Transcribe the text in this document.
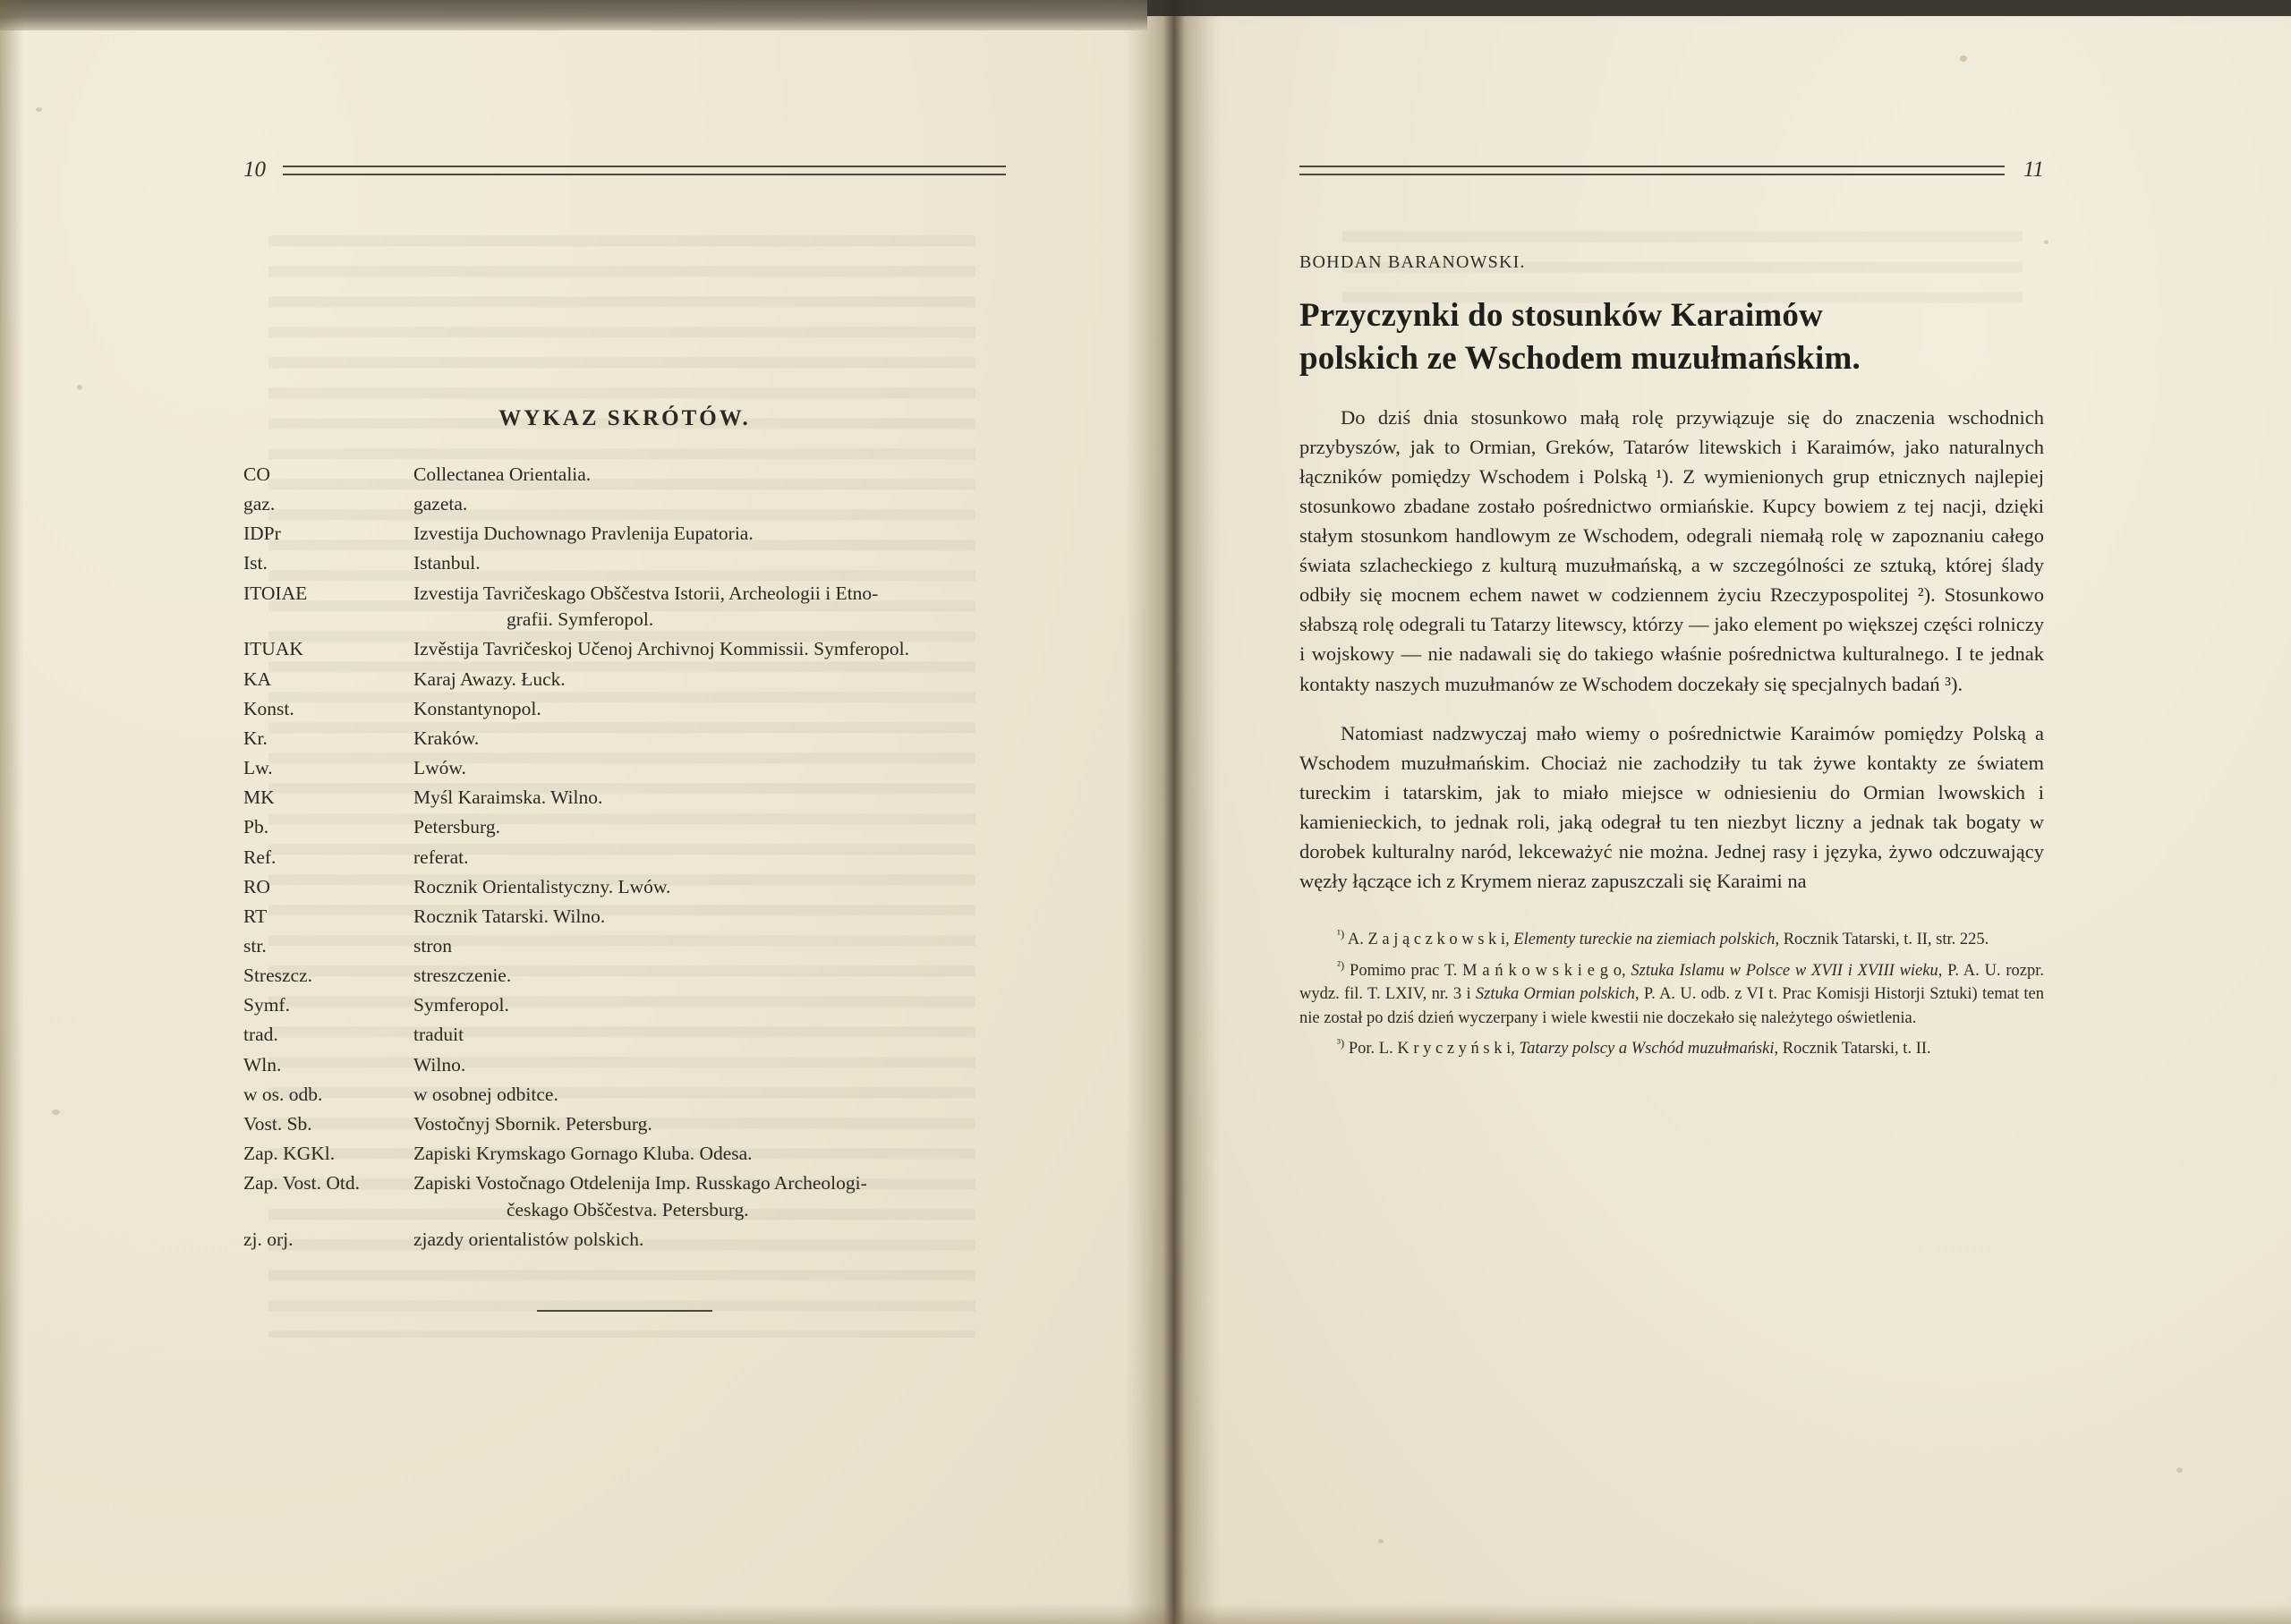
10
WYKAZ SKRÓTÓW.
CO	Collectanea Orientalia.
gaz.	gazeta.
IDPr	Izvestija Duchownago Pravlenija Eupatoria.
Ist.	Istanbul.
ITOIAE	Izvestija Tavričeskago Obščestva Istorii, Archeologii i Etno-
grafii. Symferopol.

ITUAK	Izvěstija Tavričeskoj Učenoj Archivnoj Kommissii. Symferopol.
KA	Karaj Awazy. Łuck.
Konst.	Konstantynopol.
Kr.	Kraków.
Lw.	Lwów.
MK	Myśl Karaimska. Wilno.
Pb.	Petersburg.
Ref.	referat.
RO	Rocznik Orientalistyczny. Lwów.
RT	Rocznik Tatarski. Wilno.
str.	stron
Streszcz.	streszczenie.
Symf.	Symferopol.
trad.	traduit
Wln.	Wilno.
w os. odb.	w osobnej odbitce.
Vost. Sb.	Vostočnyj Sbornik. Petersburg.
Zap. KGKl.	Zapiski Krymskago Gornago Kluba. Odesa.
Zap. Vost. Otd.	Zapiski Vostočnago Otdelenija Imp. Russkago Archeologi-
českago Obščestva. Petersburg.

zj. orj.	zjazdy orientalistów polskich.
11
BOHDAN BARANOWSKI.
Przyczynki do stosunków Karaimów
polskich ze Wschodem muzułmańskim.

Do dziś dnia stosunkowo małą rolę przywiązuje się do znaczenia wschodnich przybyszów, jak to Ormian, Greków, Tatarów litewskich i Karaimów, jako naturalnych łączników pomiędzy Wschodem i Polską ¹). Z wymienionych grup etnicznych najlepiej stosunkowo zbadane zostało pośrednictwo ormiańskie. Kupcy bowiem z tej nacji, dzięki stałym stosunkom handlowym ze Wschodem, odegrali niemałą rolę w zapoznaniu całego świata szlacheckiego z kulturą muzułmańską, a w szczególności ze sztuką, której ślady odbiły się mocnem echem nawet w codziennem życiu Rzeczypospolitej ²). Stosunkowo słabszą rolę odegrali tu Tatarzy litewscy, którzy — jako element po większej części rolniczy i wojskowy — nie nadawali się do takiego właśnie pośrednictwa kulturalnego. I te jednak kontakty naszych muzułmanów ze Wschodem doczekały się specjalnych badań ³).

Natomiast nadzwyczaj mało wiemy o pośrednictwie Karaimów pomiędzy Polską a Wschodem muzułmańskim. Chociaż nie zachodziły tu tak żywe kontakty ze światem tureckim i tatarskim, jak to miało miejsce w odniesieniu do Ormian lwowskich i kamienieckich, to jednak roli, jaką odegrał tu ten niezbyt liczny a jednak tak bogaty w dorobek kulturalny naród, lekceważyć nie można. Jednej rasy i języka, żywo odczuwający węzły łączące ich z Krymem nieraz zapuszczali się Karaimi na

$^{^1)}$ A. Z a j ą c z k o w s k i, Elementy tureckie na ziemiach polskich, Rocznik Tatarski, t. II, str. 225.

$^{^2)}$ Pomimo prac T. M a ń k o w s k i e g o, Sztuka Islamu w Polsce w XVII i XVIII wieku, P. A. U. rozpr. wydz. fil. T. LXIV, nr. 3 i Sztuka Ormian polskich, P. A. U. odb. z VI t. Prac Komisji Historji Sztuki) temat ten nie został po dziś dzień wyczerpany i wiele kwestii nie doczekało się należytego oświetlenia.

$^{^3)}$ Por. L. K r y c z y ń s k i, Tatarzy polscy a Wschód muzułmański, Rocznik Tatarski, t. II.
